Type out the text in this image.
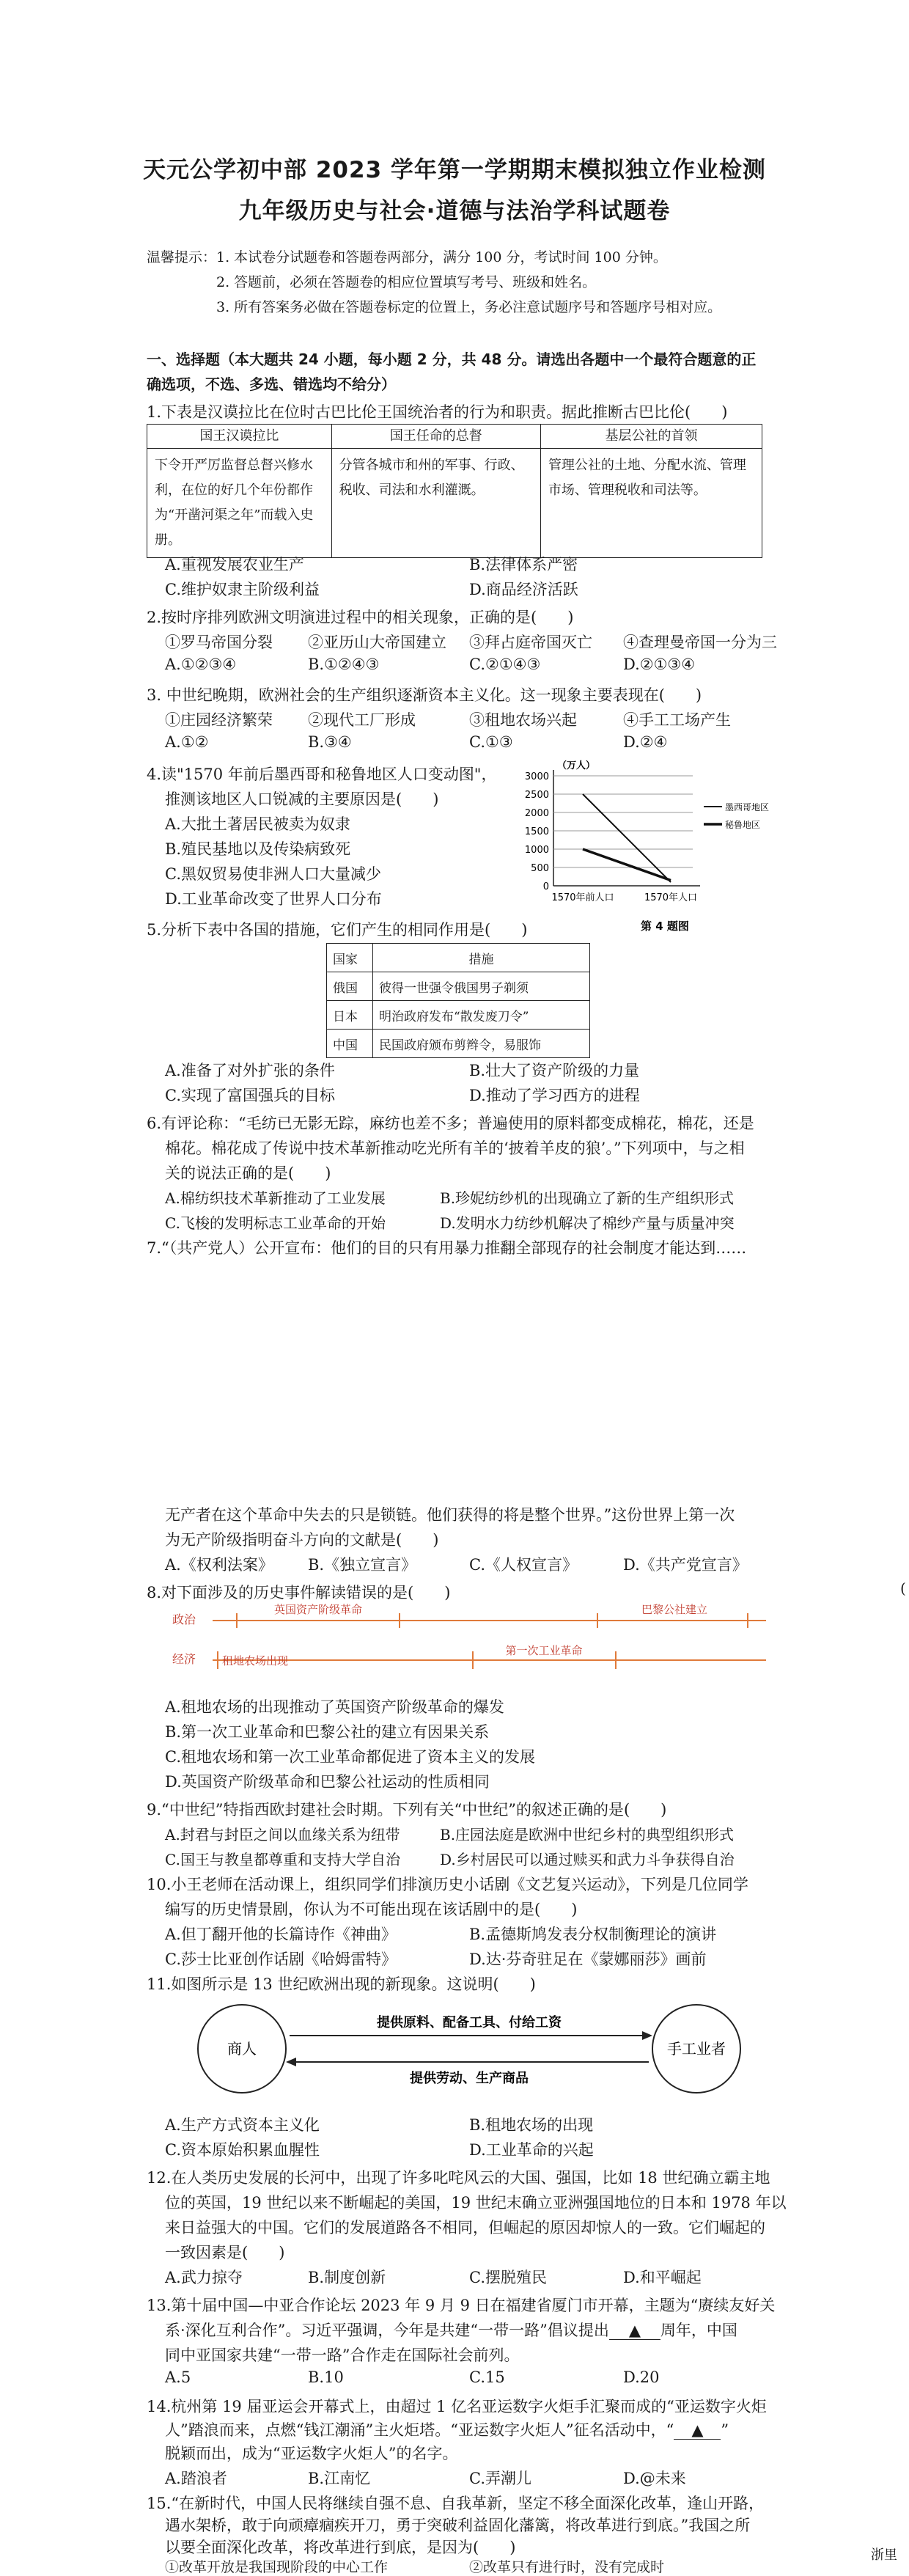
天元公学初中部 2023 学年第一学期期末模拟独立作业检测
九年级历史与社会·道德与法治学科试题卷
温馨提示： 1. 本试卷分试题卷和答题卷两部分，满分 100 分，考试时间 100 分钟。
2. 答题前，必须在答题卷的相应位置填写考号、班级和姓名。
3. 所有答案务必做在答题卷标定的位置上，务必注意试题序号和答题序号相对应。
一、选择题（本大题共 24 小题，每小题 2 分，共 48 分。请选出各题中一个最符合题意的正
确选项，不选、多选、错选均不给分）
1.下表是汉谟拉比在位时古巴比伦王国统治者的行为和职责。据此推断古巴比伦(　　)
国王汉谟拉比	国王任命的总督	基层公社的首领
下令开严厉监督总督兴修水利，在位的好几个年份都作为“开凿河渠之年”而载入史册。	分管各城市和州的军事、行政、税收、司法和水利灌溉。	管理公社的土地、分配水流、管理市场、管理税收和司法等。
A.重视发展农业生产	B.法律体系严密
C.维护奴隶主阶级利益	D.商品经济活跃
2.按时序排列欧洲文明演进过程中的相关现象，正确的是(　　)
①罗马帝国分裂 ②亚历山大帝国建立 ③拜占庭帝国灭亡 ④查理曼帝国一分为三
A.①②③④	B.①②④③	C.②①④③	D.②①③④
3. 中世纪晚期，欧洲社会的生产组织逐渐资本主义化。这一现象主要表现在(　　)
①庄园经济繁荣 ②现代工厂形成	③租地农场兴起	④手工工场产生
A.①②	B.③④	C.①③	D.②④
4.读"1570 年前后墨西哥和秘鲁地区人口变动图"，
推测该地区人口锐减的主要原因是(　　)
A.大批土著居民被卖为奴隶
B.殖民基地以及传染病致死
C.黑奴贸易使非洲人口大量减少
D.工业革命改变了世界人口分布
（万人）
0
500
1000
1500
2000
2500
3000
1570年前人口	1570年人口
墨西哥地区
秘鲁地区
第 4 题图
5.分析下表中各国的措施，它们产生的相同作用是(　　)
国家	措施
俄国	彼得一世强令俄国男子剃须
日本	明治政府发布“散发废刀令”
中国	民国政府颁布剪辫令，易服饰
A.准备了对外扩张的条件	B.壮大了资产阶级的力量
C.实现了富国强兵的目标	D.推动了学习西方的进程
6.有评论称：“毛纺已无影无踪，麻纺也差不多；普遍使用的原料都变成棉花，棉花，还是
棉花。棉花成了传说中技术革新推动吃光所有羊的‘披着羊皮的狼’。”下列项中，与之相
关的说法正确的是(　　)
A.棉纺织技术革新推动了工业发展	B.珍妮纺纱机的出现确立了新的生产组织形式
C.飞梭的发明标志工业革命的开始	D.发明水力纺纱机解决了棉纱产量与质量冲突
7.“（共产党人）公开宣布：他们的目的只有用暴力推翻全部现存的社会制度才能达到……
无产者在这个革命中失去的只是锁链。他们获得的将是整个世界。”这份世界上第一次
为无产阶级指明奋斗方向的文献是(　　)
A.《权利法案》 B.《独立宣言》	C.《人权宣言》	D.《共产党宣言》
8.对下面涉及的历史事件解读错误的是(　　)	(
政治
经济
英国资产阶级革命	巴黎公社建立
租地农场出现
第一次工业革命
A.租地农场的出现推动了英国资产阶级革命的爆发
B.第一次工业革命和巴黎公社的建立有因果关系
C.租地农场和第一次工业革命都促进了资本主义的发展
D.英国资产阶级革命和巴黎公社运动的性质相同
9.“中世纪”特指西欧封建社会时期。下列有关“中世纪”的叙述正确的是(　　)
A.封君与封臣之间以血缘关系为纽带	B.庄园法庭是欧洲中世纪乡村的典型组织形式
C.国王与教皇都尊重和支持大学自治	D.乡村居民可以通过赎买和武力斗争获得自治
10.小王老师在活动课上，组织同学们排演历史小话剧《文艺复兴运动》，下列是几位同学
编写的历史情景剧，你认为不可能出现在该话剧中的是(　　)
A.但丁翻开他的长篇诗作《神曲》	B.孟德斯鸠发表分权制衡理论的演讲
C.莎士比亚创作话剧《哈姆雷特》	D.达·芬奇驻足在《蒙娜丽莎》画前
11.如图所示是 13 世纪欧洲出现的新现象。这说明(　　)
商人	手工业者
提供原料、配备工具、付给工资
提供劳动、生产商品
A.生产方式资本主义化	B.租地农场的出现
C.资本原始积累血腥性	D.工业革命的兴起
12.在人类历史发展的长河中，出现了许多叱咤风云的大国、强国，比如 18 世纪确立霸主地
位的英国，19 世纪以来不断崛起的美国，19 世纪末确立亚洲强国地位的日本和 1978 年以
来日益强大的中国。它们的发展道路各不相同，但崛起的原因却惊人的一致。它们崛起的
一致因素是(　　)
A.武力掠夺	B.制度创新	C.摆脱殖民	D.和平崛起
13.第十届中国—中亚合作论坛 2023 年 9 月 9 日在福建省厦门市开幕，主题为“赓续友好关
系·深化互利合作”。习近平强调，今年是共建“一带一路”倡议提出 ▲ 周年，中国
同中亚国家共建“一带一路”合作走在国际社会前列。
A.5	B.10	C.15	D.20
14.杭州第 19 届亚运会开幕式上，由超过 1 亿名亚运数字火炬手汇聚而成的“亚运数字火炬
人”踏浪而来，点燃“钱江潮涌”主火炬塔。“亚运数字火炬人”征名活动中，“ ▲ ”
脱颖而出，成为“亚运数字火炬人”的名字。
A.踏浪者	B.江南忆	C.弄潮儿	D.@未来
15.“在新时代，中国人民将继续自强不息、自我革新，坚定不移全面深化改革，逢山开路，
遇水架桥，敢于向顽瘴痼疾开刀，勇于突破利益固化藩篱，将改革进行到底。”我国之所
以要全面深化改革，将改革进行到底，是因为(　　)
①改革开放是我国现阶段的中心工作	②改革只有进行时，没有完成时
浙里
